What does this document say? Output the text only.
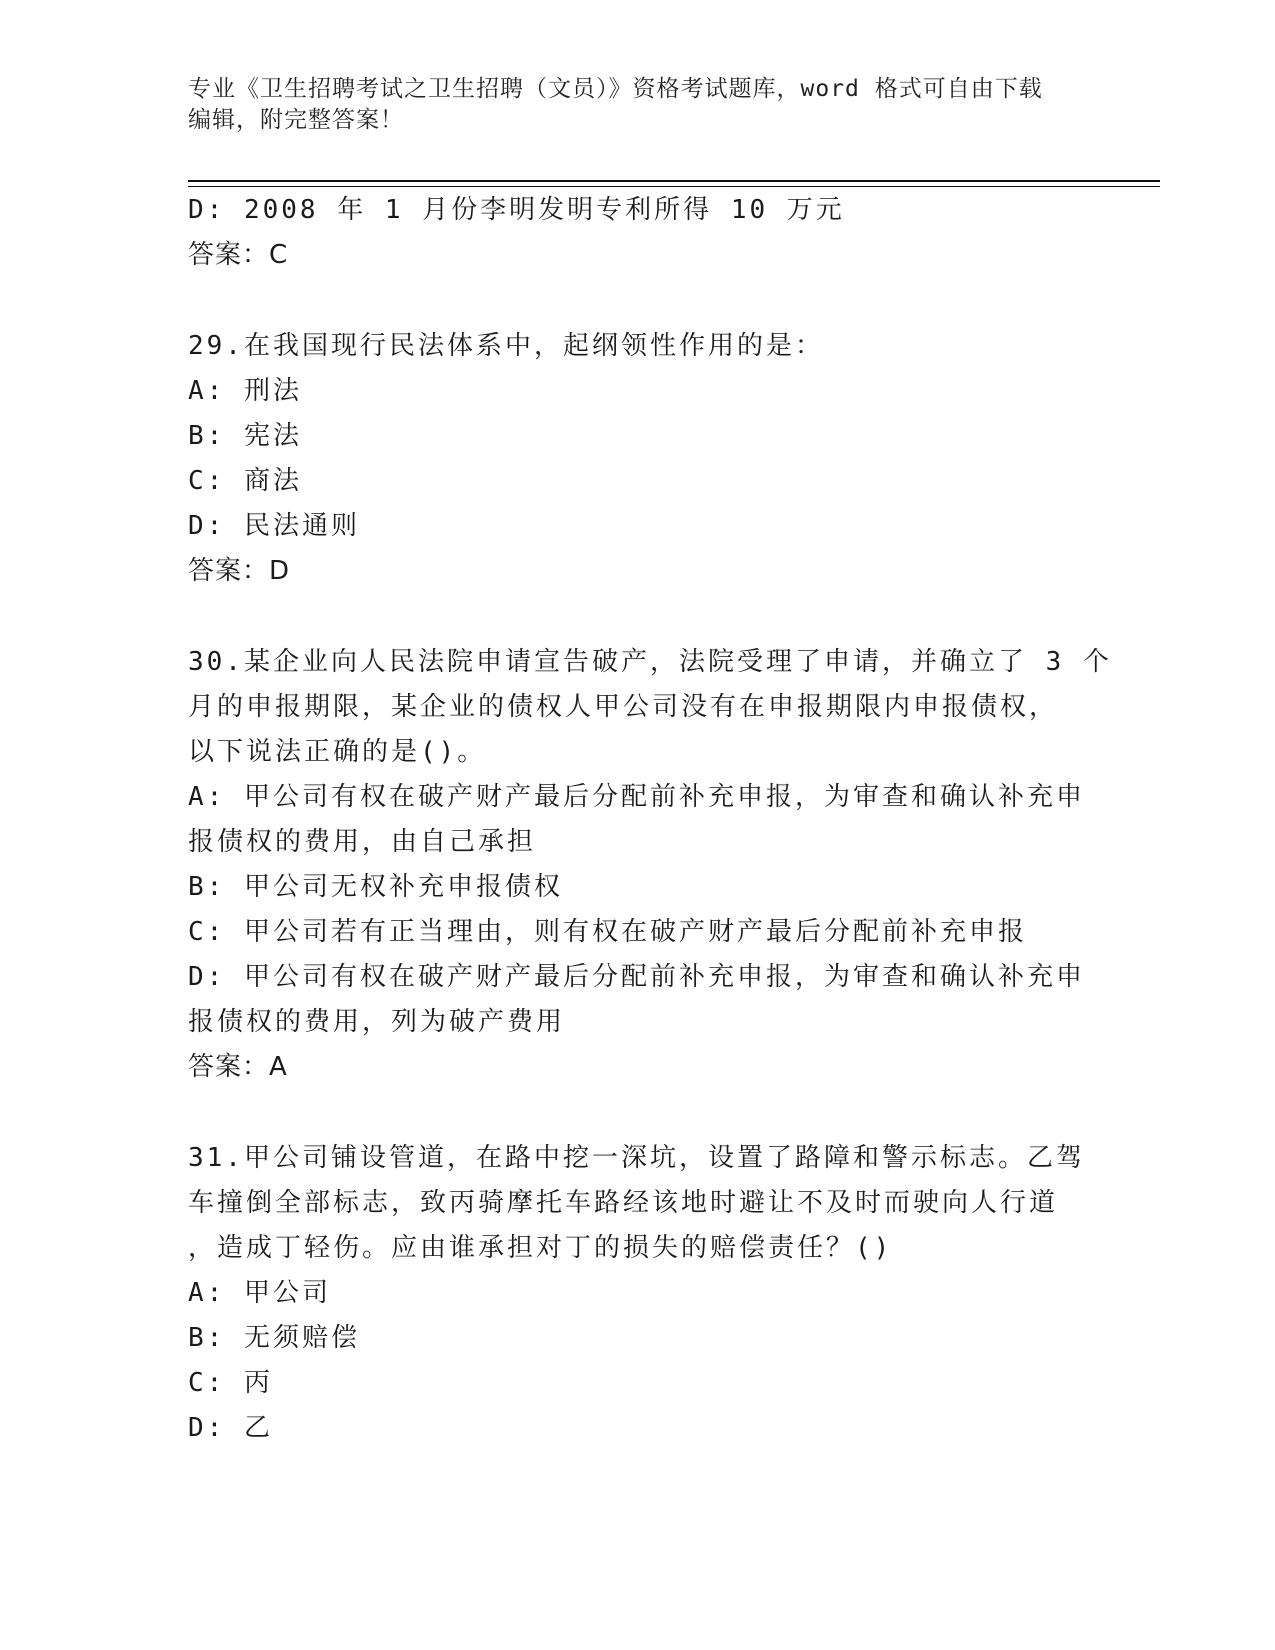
专业《卫生招聘考试之卫生招聘（文员）》资格考试题库，word 格式可自由下载
编辑，附完整答案！
D: 2008 年 1 月份李明发明专利所得 10 万元
答案：C
29.在我国现行民法体系中，起纲领性作用的是：
A: 刑法
B: 宪法
C: 商法
D: 民法通则
答案：D
30.某企业向人民法院申请宣告破产，法院受理了申请，并确立了 3 个
月的申报期限，某企业的债权人甲公司没有在申报期限内申报债权，
以下说法正确的是()。
A: 甲公司有权在破产财产最后分配前补充申报，为审查和确认补充申
报债权的费用，由自己承担
B: 甲公司无权补充申报债权
C: 甲公司若有正当理由，则有权在破产财产最后分配前补充申报
D: 甲公司有权在破产财产最后分配前补充申报，为审查和确认补充申
报债权的费用，列为破产费用
答案：A
31.甲公司铺设管道，在路中挖一深坑，设置了路障和警示标志。乙驾
车撞倒全部标志，致丙骑摩托车路经该地时避让不及时而驶向人行道
，造成丁轻伤。应由谁承担对丁的损失的赔偿责任？()
A: 甲公司
B: 无须赔偿
C: 丙
D: 乙
